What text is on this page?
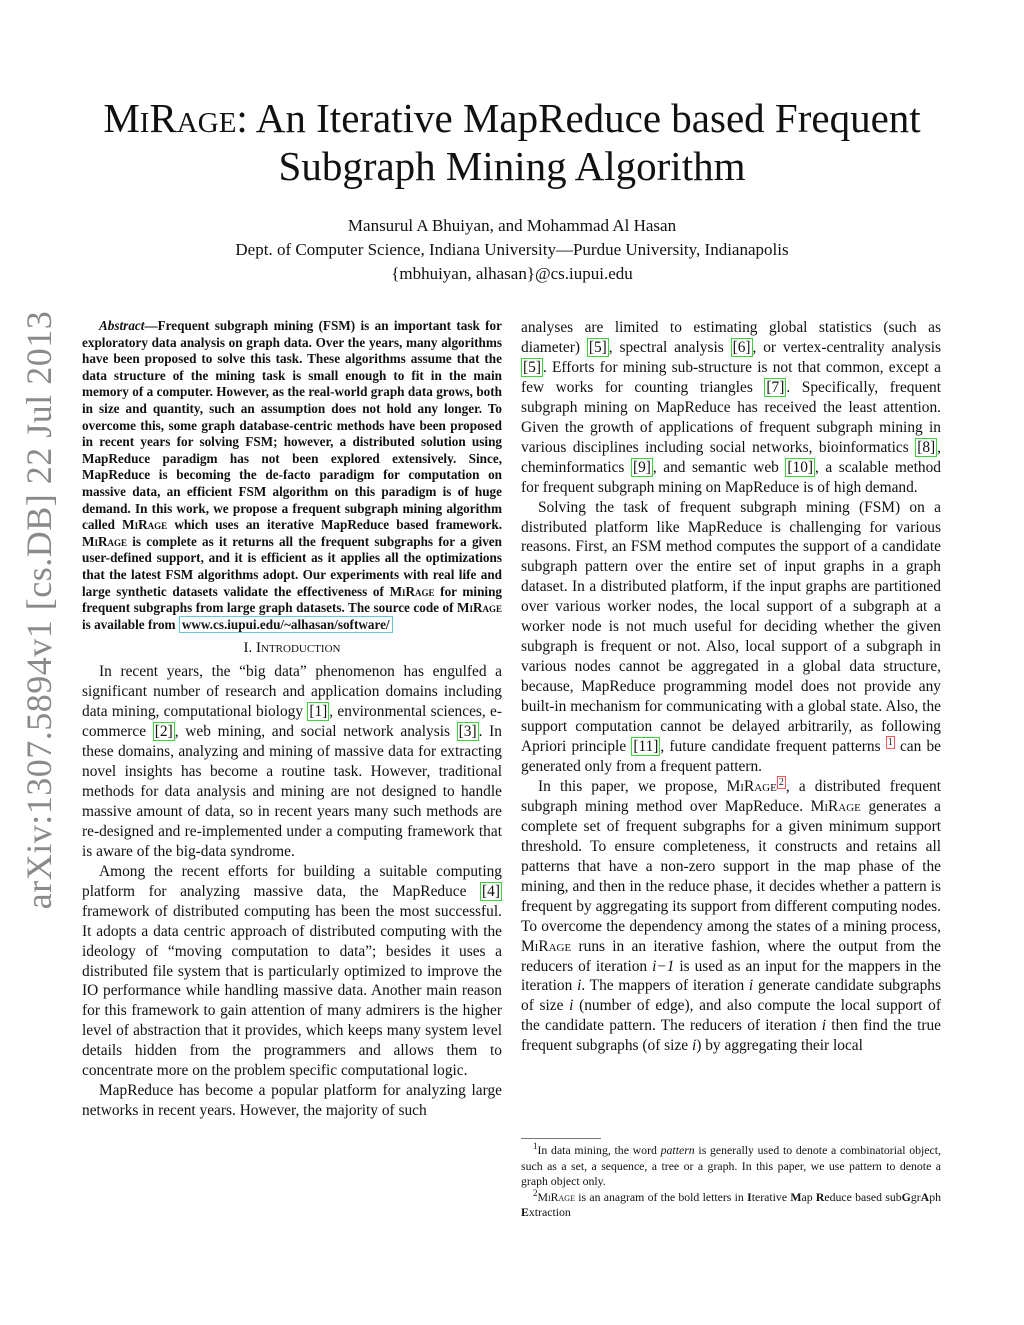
arXiv:1307.5894v1 [cs.DB] 22 Jul 2013
MiRage: An Iterative MapReduce based Frequent
Subgraph Mining Algorithm
Mansurul A Bhuiyan, and Mohammad Al Hasan
Dept. of Computer Science, Indiana University—Purdue University, Indianapolis
{mbhuiyan, alhasan}@cs.iupui.edu

Abstract—Frequent subgraph mining (FSM) is an important task for exploratory data analysis on graph data. Over the years, many algorithms have been proposed to solve this task. These algorithms assume that the data structure of the mining task is small enough to fit in the main memory of a computer. However, as the real-world graph data grows, both in size and quantity, such an assumption does not hold any longer. To overcome this, some graph database-centric methods have been proposed in recent years for solving FSM; however, a distributed solution using MapReduce paradigm has not been explored extensively. Since, MapReduce is becoming the de-facto paradigm for computation on massive data, an efficient FSM algorithm on this paradigm is of huge demand. In this work, we propose a frequent subgraph mining algorithm called MiRage which uses an iterative MapReduce based framework. MiRage is complete as it returns all the frequent subgraphs for a given user-defined support, and it is efficient as it applies all the optimizations that the latest FSM algorithms adopt. Our experiments with real life and large synthetic datasets validate the effectiveness of MiRage for mining frequent subgraphs from large graph datasets. The source code of MiRage is available from www.cs.iupui.edu/~alhasan/software/

I. Introduction

In recent years, the “big data” phenomenon has engulfed a significant number of research and application domains including data mining, computational biology [1] , environmental sciences, e-commerce [2] , web mining, and social network analysis [3] . In these domains, analyzing and mining of massive data for extracting novel insights has become a routine task. However, traditional methods for data analysis and mining are not designed to handle massive amount of data, so in recent years many such methods are re-designed and re-implemented under a computing framework that is aware of the big-data syndrome.

Among the recent efforts for building a suitable computing platform for analyzing massive data, the MapReduce [4] framework of distributed computing has been the most successful. It adopts a data centric approach of distributed computing with the ideology of “moving computation to data”; besides it uses a distributed file system that is particularly optimized to improve the IO performance while handling massive data. Another main reason for this framework to gain attention of many admirers is the higher level of abstraction that it provides, which keeps many system level details hidden from the programmers and allows them to concentrate more on the problem specific computational logic.

MapReduce has become a popular platform for analyzing large networks in recent years. However, the majority of such

analyses are limited to estimating global statistics (such as diameter) [5] , spectral analysis [6] , or vertex-centrality analysis [5] . Efforts for mining sub-structure is not that common, except a few works for counting triangles [7] . Specifically, frequent subgraph mining on MapReduce has received the least attention. Given the growth of applications of frequent subgraph mining in various disciplines including social networks, bioinformatics [8] , cheminformatics [9] , and semantic web [10] , a scalable method for frequent subgraph mining on MapReduce is of high demand.

Solving the task of frequent subgraph mining (FSM) on a distributed platform like MapReduce is challenging for various reasons. First, an FSM method computes the support of a candidate subgraph pattern over the entire set of input graphs in a graph dataset. In a distributed platform, if the input graphs are partitioned over various worker nodes, the local support of a subgraph at a worker node is not much useful for deciding whether the given subgraph is frequent or not. Also, local support of a subgraph in various nodes cannot be aggregated in a global data structure, because, MapReduce programming model does not provide any built-in mechanism for communicating with a global state. Also, the support computation cannot be delayed arbitrarily, as following Apriori principle [11] , future candidate frequent patterns $^1$ can be generated only from a frequent pattern.

In this paper, we propose, MiRage $^2$ , a distributed frequent subgraph mining method over MapReduce. MiRage generates a complete set of frequent subgraphs for a given minimum support threshold. To ensure completeness, it constructs and retains all patterns that have a non-zero support in the map phase of the mining, and then in the reduce phase, it decides whether a pattern is frequent by aggregating its support from different computing nodes. To overcome the dependency among the states of a mining process, MiRage runs in an iterative fashion, where the output from the reducers of iteration i−1 is used as an input for the mappers in the iteration i. The mappers of iteration i generate candidate subgraphs of size i (number of edge), and also compute the local support of the candidate pattern. The reducers of iteration i then find the true frequent subgraphs (of size i) by aggregating their local

$^1$In data mining, the word pattern is generally used to denote a combinatorial object, such as a set, a sequence, a tree or a graph. In this paper, we use pattern to denote a graph object only.

$^2$MiRage is an anagram of the bold letters in Iterative Map Reduce based subGgrAph Extraction
